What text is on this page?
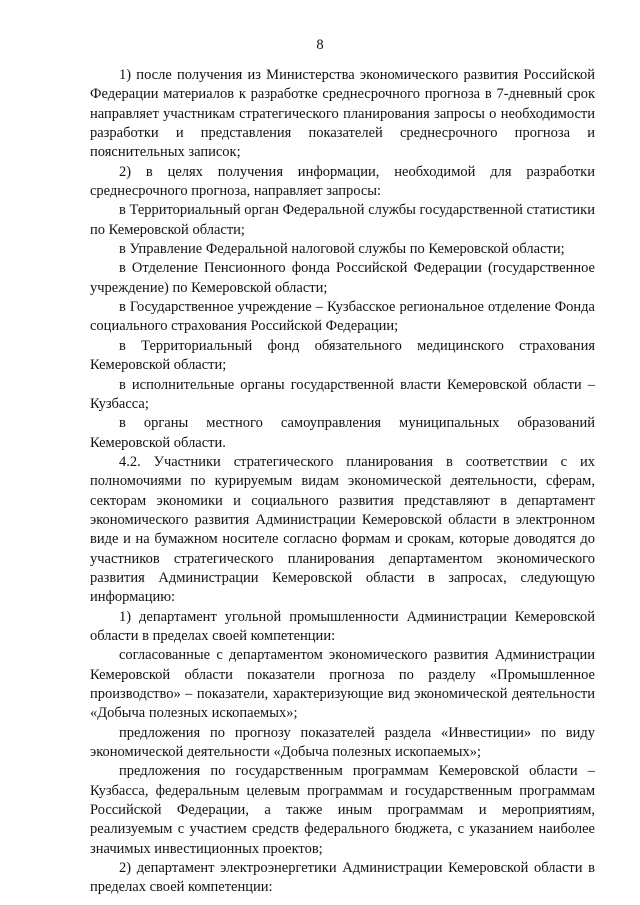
8

1) после получения из Министерства экономического развития Российской Федерации материалов к разработке среднесрочного прогноза в 7-дневный срок направляет участникам стратегического планирования запросы о необходимости разработки и представления показателей среднесрочного прогноза и пояснительных записок;

2) в целях получения информации, необходимой для разработки среднесрочного прогноза, направляет запросы:

в Территориальный орган Федеральной службы государственной статистики по Кемеровской области;

в Управление Федеральной налоговой службы по Кемеровской области;

в Отделение Пенсионного фонда Российской Федерации (государственное учреждение) по Кемеровской области;

в Государственное учреждение – Кузбасское региональное отделение Фонда социального страхования Российской Федерации;

в Территориальный фонд обязательного медицинского страхования Кемеровской области;

в исполнительные органы государственной власти Кемеровской области – Кузбасса;

в органы местного самоуправления муниципальных образований Кемеровской области.

4.2. Участники стратегического планирования в соответствии с их полномочиями по курируемым видам экономической деятельности, сферам, секторам экономики и социального развития представляют в департамент экономического развития Администрации Кемеровской области в электронном виде и на бумажном носителе согласно формам и срокам, которые доводятся до участников стратегического планирования департаментом экономического развития Администрации Кемеровской области в запросах, следующую информацию:

1) департамент угольной промышленности Администрации Кемеровской области в пределах своей компетенции:

согласованные с департаментом экономического развития Администрации Кемеровской области показатели прогноза по разделу «Промышленное производство» – показатели, характеризующие вид экономической деятельности «Добыча полезных ископаемых»;

предложения по прогнозу показателей раздела «Инвестиции» по виду экономической деятельности «Добыча полезных ископаемых»;

предложения по государственным программам Кемеровской области – Кузбасса, федеральным целевым программам и государственным программам Российской Федерации, а также иным программам и мероприятиям, реализуемым с участием средств федерального бюджета, с указанием наиболее значимых инвестиционных проектов;

2) департамент электроэнергетики Администрации Кемеровской области в пределах своей компетенции:
